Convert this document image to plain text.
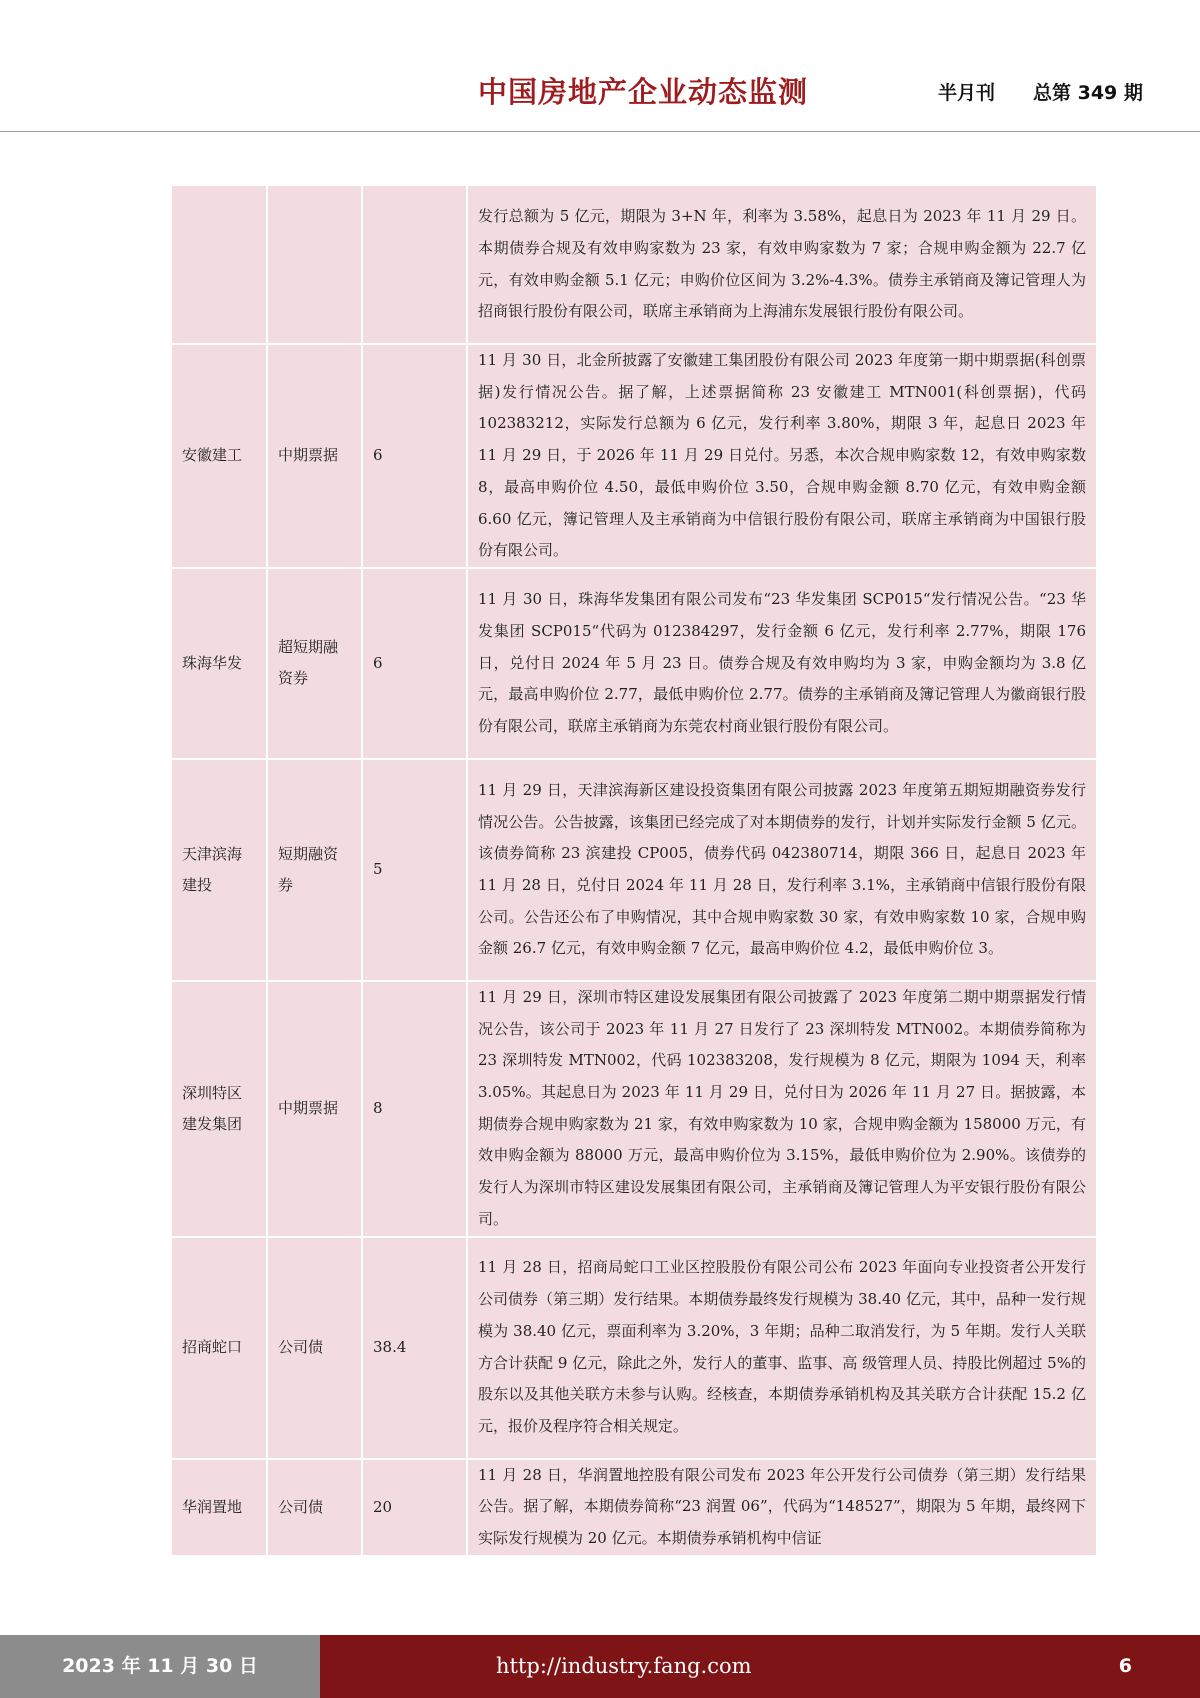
中国房地产企业动态监测	半月刊 总第 349 期
			发行总额为 5 亿元，期限为 3+N 年，利率为 3.58%，起息日为 2023 年 11 月 29 日。本期债券合规及有效申购家数为 23 家，有效申购家数为 7 家；合规申购金额为 22.7 亿元，有效申购金额 5.1 亿元；申购价位区间为 3.2%-4.3%。债券主承销商及簿记管理人为招商银行股份有限公司，联席主承销商为上海浦东发展银行股份有限公司。
安徽建工	中期票据	6	11 月 30 日，北金所披露了安徽建工集团股份有限公司 2023 年度第一期中期票据(科创票据)发行情况公告。据了解，上述票据简称 23 安徽建工 MTN001(科创票据)，代码 102383212，实际发行总额为 6 亿元，发行利率 3.80%，期限 3 年，起息日 2023 年 11 月 29 日，于 2026 年 11 月 29 日兑付。另悉，本次合规申购家数 12，有效申购家数 8，最高申购价位 4.50，最低申购价位 3.50，合规申购金额 8.70 亿元，有效申购金额 6.60 亿元，簿记管理人及主承销商为中信银行股份有限公司，联席主承销商为中国银行股份有限公司。
珠海华发	超短期融资券	6	11 月 30 日，珠海华发集团有限公司发布“23 华发集团 SCP015“发行情况公告。“23 华发集团 SCP015“代码为 012384297，发行金额 6 亿元，发行利率 2.77%，期限 176 日，兑付日 2024 年 5 月 23 日。债券合规及有效申购均为 3 家，申购金额均为 3.8 亿元，最高申购价位 2.77，最低申购价位 2.77。债券的主承销商及簿记管理人为徽商银行股份有限公司，联席主承销商为东莞农村商业银行股份有限公司。
天津滨海建投	短期融资券	5	11 月 29 日，天津滨海新区建设投资集团有限公司披露 2023 年度第五期短期融资券发行情况公告。公告披露，该集团已经完成了对本期债券的发行，计划并实际发行金额 5 亿元。该债券简称 23 滨建投 CP005，债券代码 042380714，期限 366 日，起息日 2023 年 11 月 28 日，兑付日 2024 年 11 月 28 日，发行利率 3.1%，主承销商中信银行股份有限公司。公告还公布了申购情况，其中合规申购家数 30 家，有效申购家数 10 家，合规申购金额 26.7 亿元，有效申购金额 7 亿元，最高申购价位 4.2，最低申购价位 3。
深圳特区建发集团	中期票据	8	11 月 29 日，深圳市特区建设发展集团有限公司披露了 2023 年度第二期中期票据发行情况公告，该公司于 2023 年 11 月 27 日发行了 23 深圳特发 MTN002。本期债券简称为 23 深圳特发 MTN002，代码 102383208，发行规模为 8 亿元，期限为 1094 天，利率 3.05%。其起息日为 2023 年 11 月 29 日，兑付日为 2026 年 11 月 27 日。据披露，本期债券合规申购家数为 21 家，有效申购家数为 10 家，合规申购金额为 158000 万元，有效申购金额为 88000 万元，最高申购价位为 3.15%，最低申购价位为 2.90%。该债券的发行人为深圳市特区建设发展集团有限公司，主承销商及簿记管理人为平安银行股份有限公司。
招商蛇口	公司债	38.4	11 月 28 日，招商局蛇口工业区控股股份有限公司公布 2023 年面向专业投资者公开发行公司债券（第三期）发行结果。本期债券最终发行规模为 38.40 亿元，其中，品种一发行规模为 38.40 亿元，票面利率为 3.20%，3 年期；品种二取消发行，为 5 年期。发行人关联方合计获配 9 亿元，除此之外，发行人的董事、监事、高 级管理人员、持股比例超过 5%的股东以及其他关联方未参与认购。经核查，本期债券承销机构及其关联方合计获配 15.2 亿元，报价及程序符合相关规定。
华润置地	公司债	20	11 月 28 日，华润置地控股有限公司发布 2023 年公开发行公司债券（第三期）发行结果公告。据了解，本期债券简称“23 润置 06”，代码为“148527”，期限为 5 年期，最终网下实际发行规模为 20 亿元。本期债券承销机构中信证
2023 年 11 月 30 日	http://industry.fang.com	6
